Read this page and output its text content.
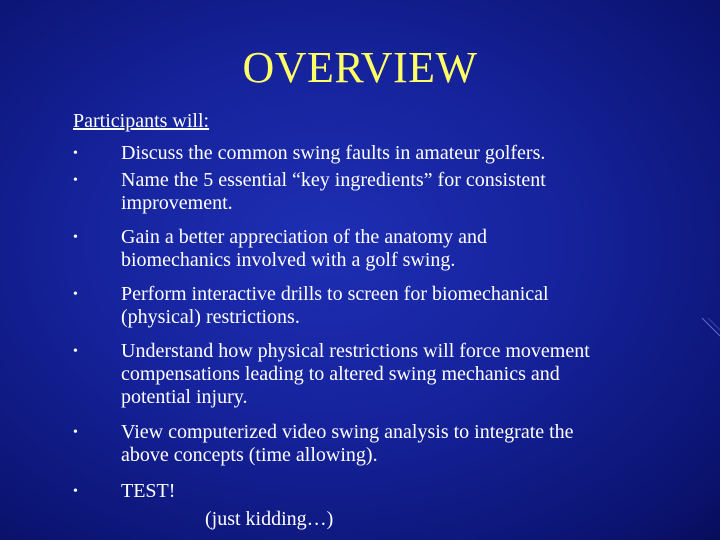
OVERVIEW
Participants will:
•	Discuss the common swing faults in amateur golfers.
•	Name the 5 essential “key ingredients” for consistent
improvement.
•	Gain a better appreciation of the anatomy and
biomechanics involved with a golf swing.
•	Perform interactive drills to screen for biomechanical
(physical) restrictions.
•	Understand how physical restrictions will force movement
compensations leading to altered swing mechanics and
potential injury.
•	View computerized video swing analysis to integrate the
above concepts (time allowing).
•	TEST!
(just kidding…)
